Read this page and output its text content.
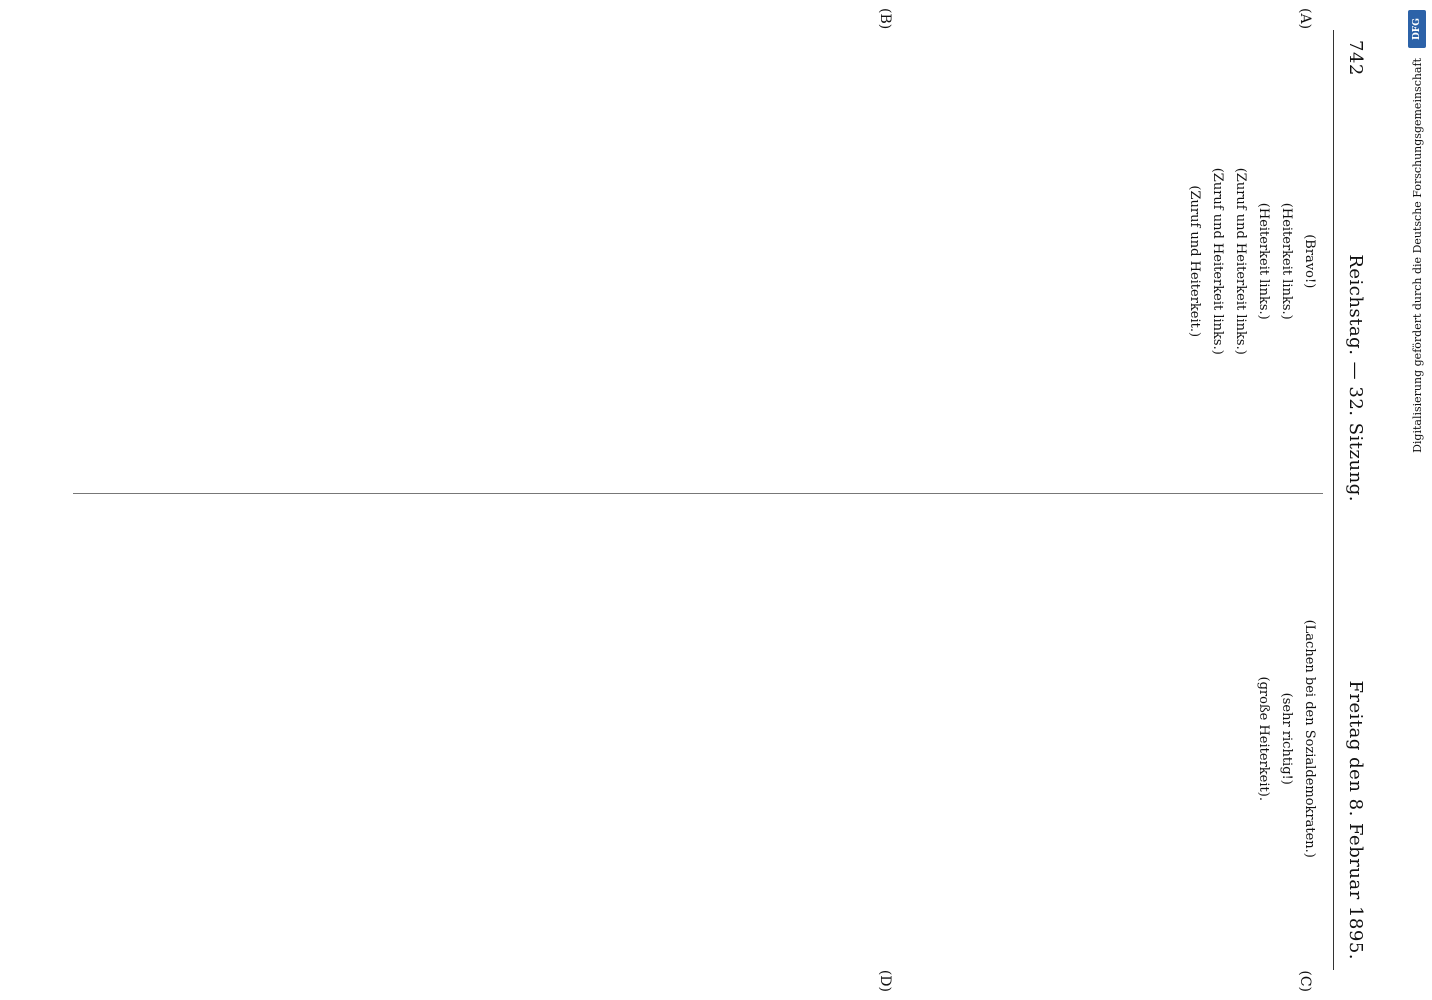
742
Reichstag. — 32. Sitzung.
Freitag den 8. Februar 1895.
(A)
(B)

(Bravo!)

(Heiterkeit links.)
(Heiterkeit links.)

(Zuruf und Heiterkeit links.)
(Zuruf und Heiterkeit links.)
(Zuruf und Heiterkeit.)
(C)
(D)

(Lachen bei den Sozialdemokraten.)

(sehr richtig!)

(große Heiterkeit).
DFG
Digitalisierung gefördert durch die Deutsche Forschungsgemeinschaft
